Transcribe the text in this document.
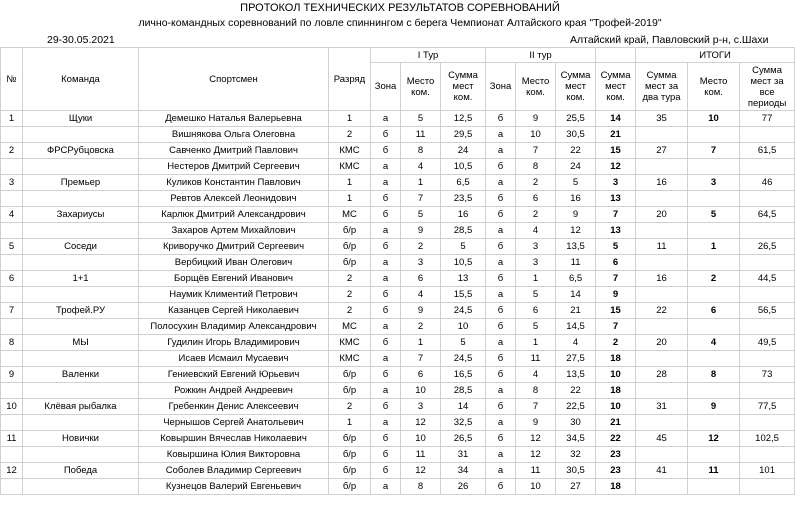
ПРОТОКОЛ ТЕХНИЧЕСКИХ РЕЗУЛЬТАТОВ СОРЕВНОВАНИЙ
лично-командных соревнований по ловле спиннингом с берега Чемпионат Алтайского края "Трофей-2019"
29-30.05.2021	Алтайский край, Павловский р-н, с.Шахи
№	Команда	Спортсмен	Разряд	I Тур			II тур				ИТОГИ		
				Зона	Место ком.	Сумма мест ком.	Зона	Место ком.	Сумма мест ком.	Сумма мест ком.	Сумма мест за два тура	Место ком.	Сумма мест за все периоды
1	Щуки	Демешко Наталья Валерьевна	1	а	5	12,5	б	9	25,5	14	35	10	77
		Вишнякова Ольга Олеговна	2	б	11	29,5	а	10	30,5	21			
2	ФРСРубцовска	Савченко Дмитрий Павлович	КМС	б	8	24	а	7	22	15	27	7	61,5
		Нестеров Дмитрий Сергеевич	КМС	а	4	10,5	б	8	24	12			
3	Премьер	Куликов Константин Павлович	1	а	1	6,5	а	2	5	3	16	3	46
		Ревтов Алексей Леонидович	1	б	7	23,5	б	6	16	13			
4	Захариусы	Карлюк Дмитрий Александрович	МС	б	5	16	б	2	9	7	20	5	64,5
		Захаров Артем Михайлович	б/р	а	9	28,5	а	4	12	13			
5	Соседи	Криворучко Дмитрий Сергеевич	б/р	б	2	5	б	3	13,5	5	11	1	26,5
		Вербицкий Иван Олегович	б/р	а	3	10,5	а	3	11	6			
6	1+1	Борщёв Евгений Иванович	2	а	6	13	б	1	6,5	7	16	2	44,5
		Наумик Климентий Петрович	2	б	4	15,5	а	5	14	9			
7	Трофей.РУ	Казанцев Сергей Николаевич	2	б	9	24,5	б	6	21	15	22	6	56,5
		Полосухин Владимир Александрович	МС	а	2	10	б	5	14,5	7			
8	МЫ	Гудилин Игорь Владимирович	КМС	б	1	5	а	1	4	2	20	4	49,5
		Исаев Исмаил Мусаевич	КМС	а	7	24,5	б	11	27,5	18			
9	Валенки	Гениевский Евгений Юрьевич	б/р	б	6	16,5	б	4	13,5	10	28	8	73
		Рожкин Андрей Андреевич	б/р	а	10	28,5	а	8	22	18			
10	Клёвая рыбалка	Гребенкин Денис Алексеевич	2	б	3	14	б	7	22,5	10	31	9	77,5
		Чернышов Сергей Анатольевич	1	а	12	32,5	а	9	30	21			
11	Новички	Ковыршин Вячеслав Николаевич	б/р	б	10	26,5	б	12	34,5	22	45	12	102,5
		Ковыршина Юлия Викторовна	б/р	б	11	31	а	12	32	23			
12	Победа	Соболев Владимир Сергеевич	б/р	б	12	34	а	11	30,5	23	41	11	101
		Кузнецов Валерий Евгеньевич	б/р	а	8	26	б	10	27	18			
